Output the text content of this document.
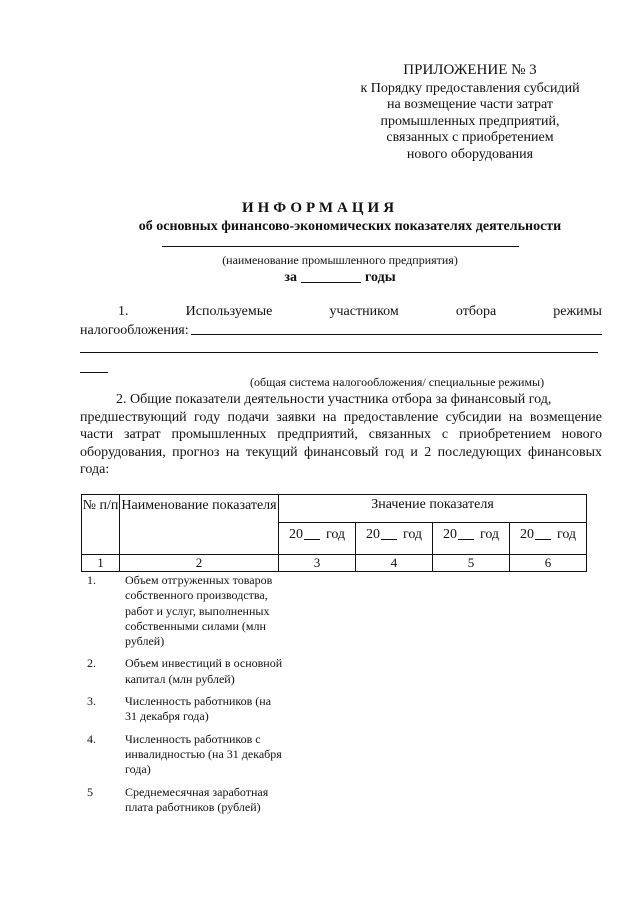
ПРИЛОЖЕНИЕ № 3
к Порядку предоставления субсидий
на возмещение части затрат
промышленных предприятий,
связанных с приобретением
нового оборудования
ИНФОРМАЦИЯ
об основных финансово-экономических показателях деятельности
(наименование промышленного предприятия)
за	годы
1.	Используемые	участником	отбора	режимы
налогообложения:
(общая система налогообложения/ специальные режимы)
2. Общие показатели деятельности участника отбора за финансовый год,
предшествующий году подачи заявки на предоставление субсидии на возмещение части затрат промышленных предприятий, связанных с приобретением нового оборудования, прогноз на текущий финансовый год и 2 последующих финансовых года:
№ п/п	Наименование показателя	Значение показателя			
		20 год	20 год	20 год	20 год
1	2	3	4	5	6
1.	Объем отгруженных товаров собственного производства, работ и услуг, выполненных собственными силами (млн рублей)
2.	Объем инвестиций в основной капитал (млн рублей)
3.	Численность работников (на 31 декабря года)
4.	Численность работников с инвалидностью (на 31 декабря года)
5	Среднемесячная заработная плата работников (рублей)
